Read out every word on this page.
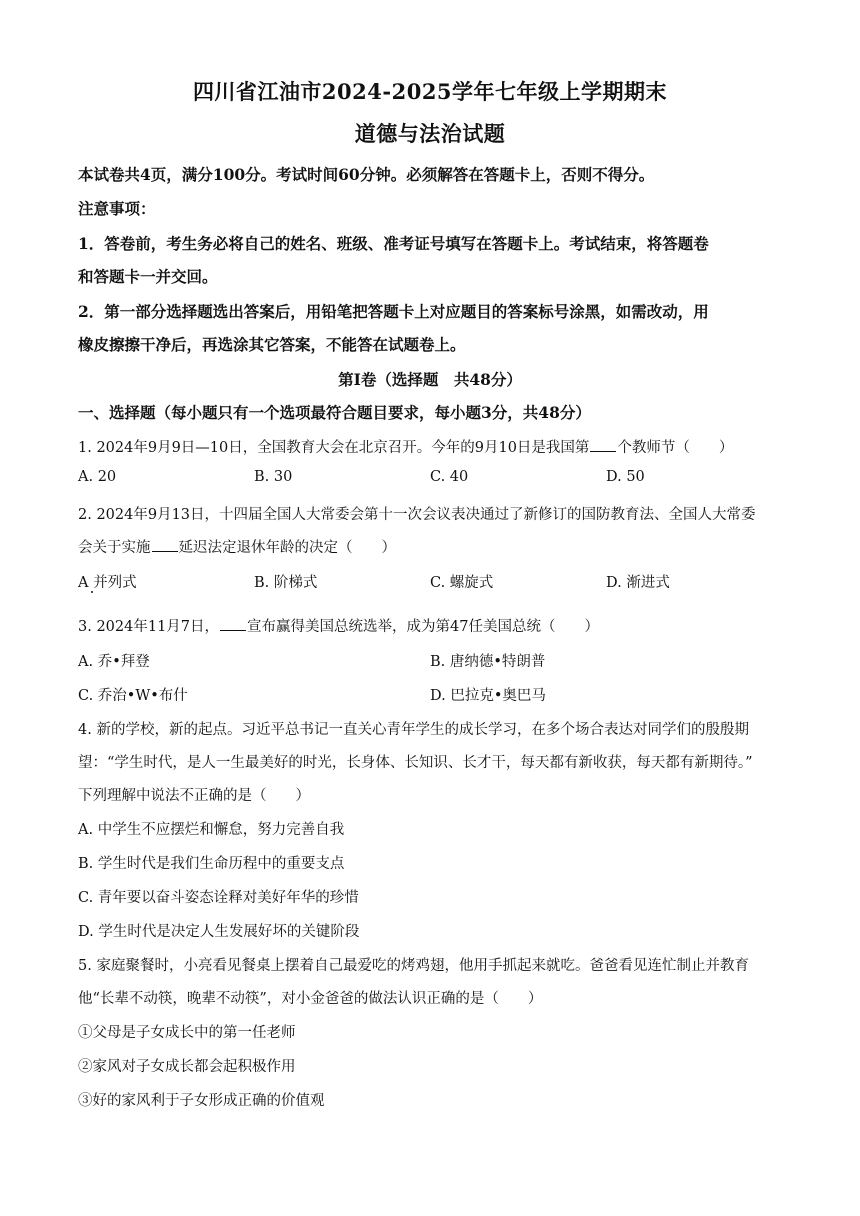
四川省江油市2024-2025学年七年级上学期期末
道德与法治试题
本试卷共4页，满分100分。考试时间60分钟。必须解答在答题卡上，否则不得分。
注意事项：
1．答卷前，考生务必将自己的姓名、班级、准考证号填写在答题卡上。考试结束，将答题卷
和答题卡一并交回。
2．第一部分选择题选出答案后，用铅笔把答题卡上对应题目的答案标号涂黑，如需改动，用
橡皮擦擦干净后，再选涂其它答案，不能答在试题卷上。
第Ⅰ卷（选择题　共48分）
一、选择题（每小题只有一个选项最符合题目要求，每小题3分，共48分）
1. 2024年9月9日—10日，全国教育大会在北京召开。今年的9月10日是我国第 个教师节（　　）
A. 20	B. 30	C. 40	D. 50
2. 2024年9月13日，十四届全国人大常委会第十一次会议表决通过了新修订的国防教育法、全国人大常委
会关于实施 延迟法定退休年龄的决定（　　）
A 并列式	B. 阶梯式	C. 螺旋式	D. 渐进式
3. 2024年11月7日， 宣布赢得美国总统选举，成为第47任美国总统（　　）
A. 乔•拜登	B. 唐纳德•特朗普
C. 乔治•W•布什	D. 巴拉克•奥巴马
4. 新的学校，新的起点。习近平总书记一直关心青年学生的成长学习，在多个场合表达对同学们的殷殷期
望：“学生时代，是人一生最美好的时光，长身体、长知识、长才干，每天都有新收获，每天都有新期待。”
下列理解中说法不正确的是（　　）
A. 中学生不应摆烂和懈怠，努力完善自我
B. 学生时代是我们生命历程中的重要支点
C. 青年要以奋斗姿态诠释对美好年华的珍惜
D. 学生时代是决定人生发展好坏的关键阶段
5. 家庭聚餐时，小亮看见餐桌上摆着自己最爱吃的烤鸡翅，他用手抓起来就吃。爸爸看见连忙制止并教育
他“长辈不动筷，晚辈不动筷”，对小金爸爸的做法认识正确的是（　　）
①父母是子女成长中的第一任老师
②家风对子女成长都会起积极作用
③好的家风利于子女形成正确的价值观
